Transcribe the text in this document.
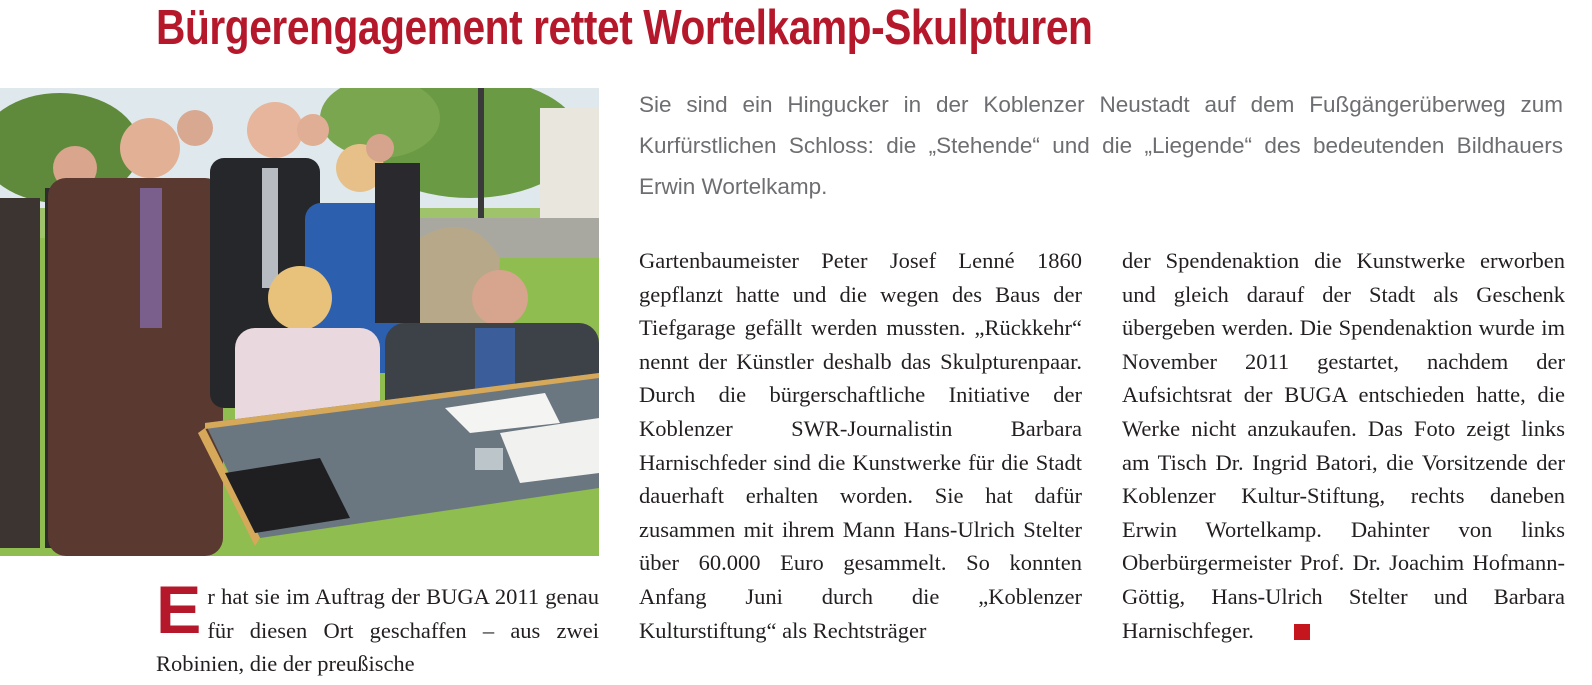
Bürgerengagement rettet Wortelkamp-Skulpturen

Sie sind ein Hingucker in der Koblenzer Neustadt auf dem Fußgängerüberweg zum Kurfürstlichen Schloss: die „Stehende“ und die „Liegende“ des bedeutenden Bildhauers Erwin Wortelkamp.

Er hat sie im Auftrag der BUGA 2011 genau für diesen Ort geschaffen – aus zwei Robinien, die der preußische

Gartenbaumeister Peter Josef Lenné 1860 gepflanzt hatte und die wegen des Baus der Tiefgarage gefällt werden mussten. „Rückkehr“ nennt der Künstler deshalb das Skulpturenpaar. Durch die bürgerschaftliche Initiative der Koblenzer SWR-Journalistin Barbara Harnischfeder sind die Kunstwerke für die Stadt dauerhaft erhalten worden. Sie hat dafür zusammen mit ihrem Mann Hans-Ulrich Stelter über 60.000 Euro gesammelt. So konnten Anfang Juni durch die „Koblenzer Kulturstiftung“ als Rechtsträger

der Spendenaktion die Kunstwerke erworben und gleich darauf der Stadt als Geschenk übergeben werden. Die Spendenaktion wurde im November 2011 gestartet, nachdem der Aufsichtsrat der BUGA entschieden hatte, die Werke nicht anzukaufen. Das Foto zeigt links am Tisch Dr. Ingrid Batori, die Vorsitzende der Koblenzer Kultur-Stiftung, rechts daneben Erwin Wortelkamp. Dahinter von links Oberbürgermeister Prof. Dr. Joachim Hofmann-Göttig, Hans-Ulrich Stelter und Barbara Harnischfeger.
